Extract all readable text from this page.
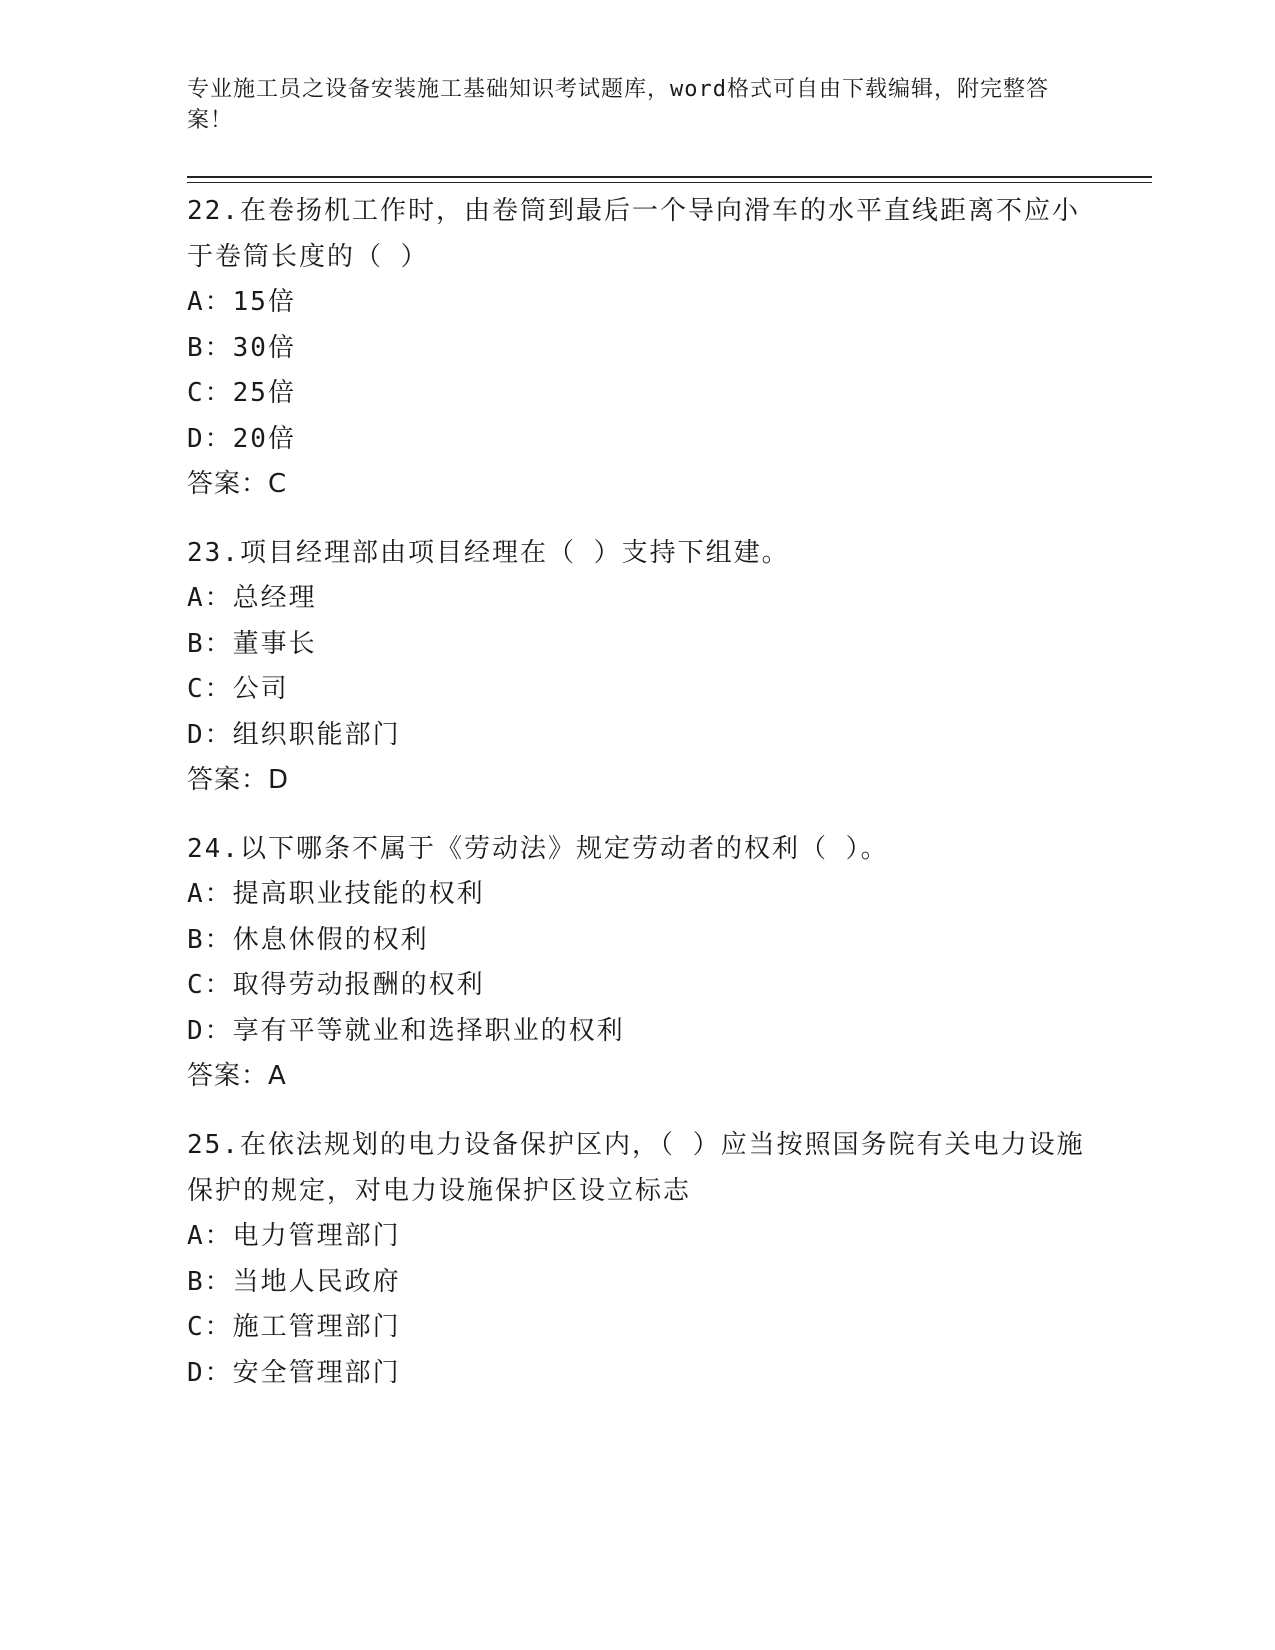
专业施工员之设备安装施工基础知识考试题库，word格式可自由下载编辑，附完整答案！

22.在卷扬机工作时，由卷筒到最后一个导向滑车的水平直线距离不应小于卷筒长度的（ ）

A：15倍

B：30倍

C：25倍

D：20倍

答案：C

23.项目经理部由项目经理在（ ）支持下组建。

A：总经理

B：董事长

C：公司

D：组织职能部门

答案：D

24.以下哪条不属于《劳动法》规定劳动者的权利（ ）。

A：提高职业技能的权利

B：休息休假的权利

C：取得劳动报酬的权利

D：享有平等就业和选择职业的权利

答案：A

25.在依法规划的电力设备保护区内，（ ）应当按照国务院有关电力设施保护的规定，对电力设施保护区设立标志

A：电力管理部门

B：当地人民政府

C：施工管理部门

D：安全管理部门
